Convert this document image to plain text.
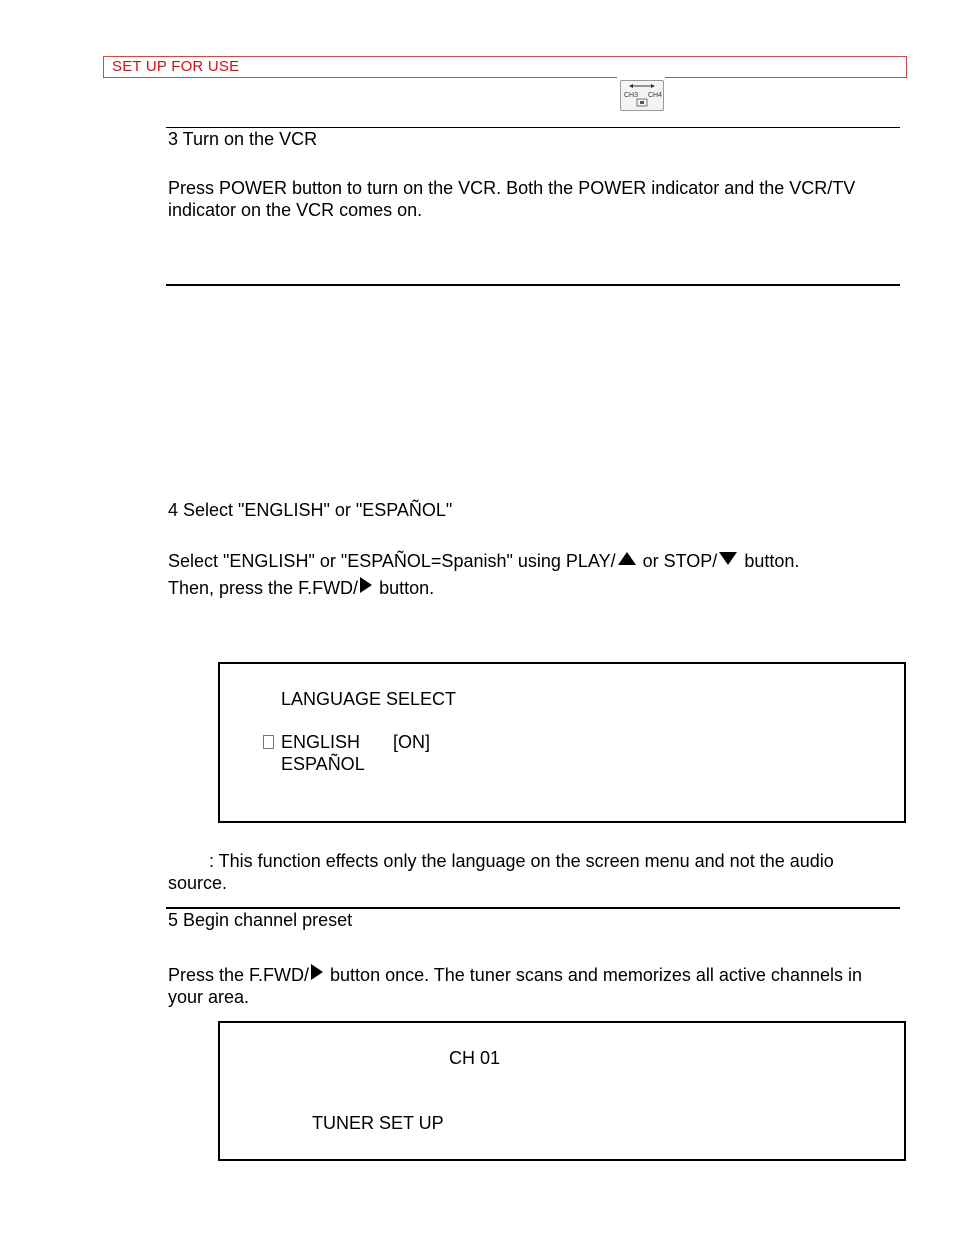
SET UP FOR USE
CH3 CH4
3 Turn on the VCR
Press POWER button to turn on the VCR. Both the POWER indicator and the VCR/TV
indicator on the VCR comes on.
4 Select "ENGLISH" or "ESPAÑOL"
Select "ENGLISH" or "ESPAÑOL=Spanish" using PLAY/ or STOP/ button.
Then, press the F.FWD/ button.
LANGUAGE SELECT
ENGLISH [ON]
ESPAÑOL
: This function effects only the language on the screen menu and not the audio
source.
5 Begin channel preset
Press the F.FWD/ button once. The tuner scans and memorizes all active channels in
your area.
CH 01
TUNER SET UP
